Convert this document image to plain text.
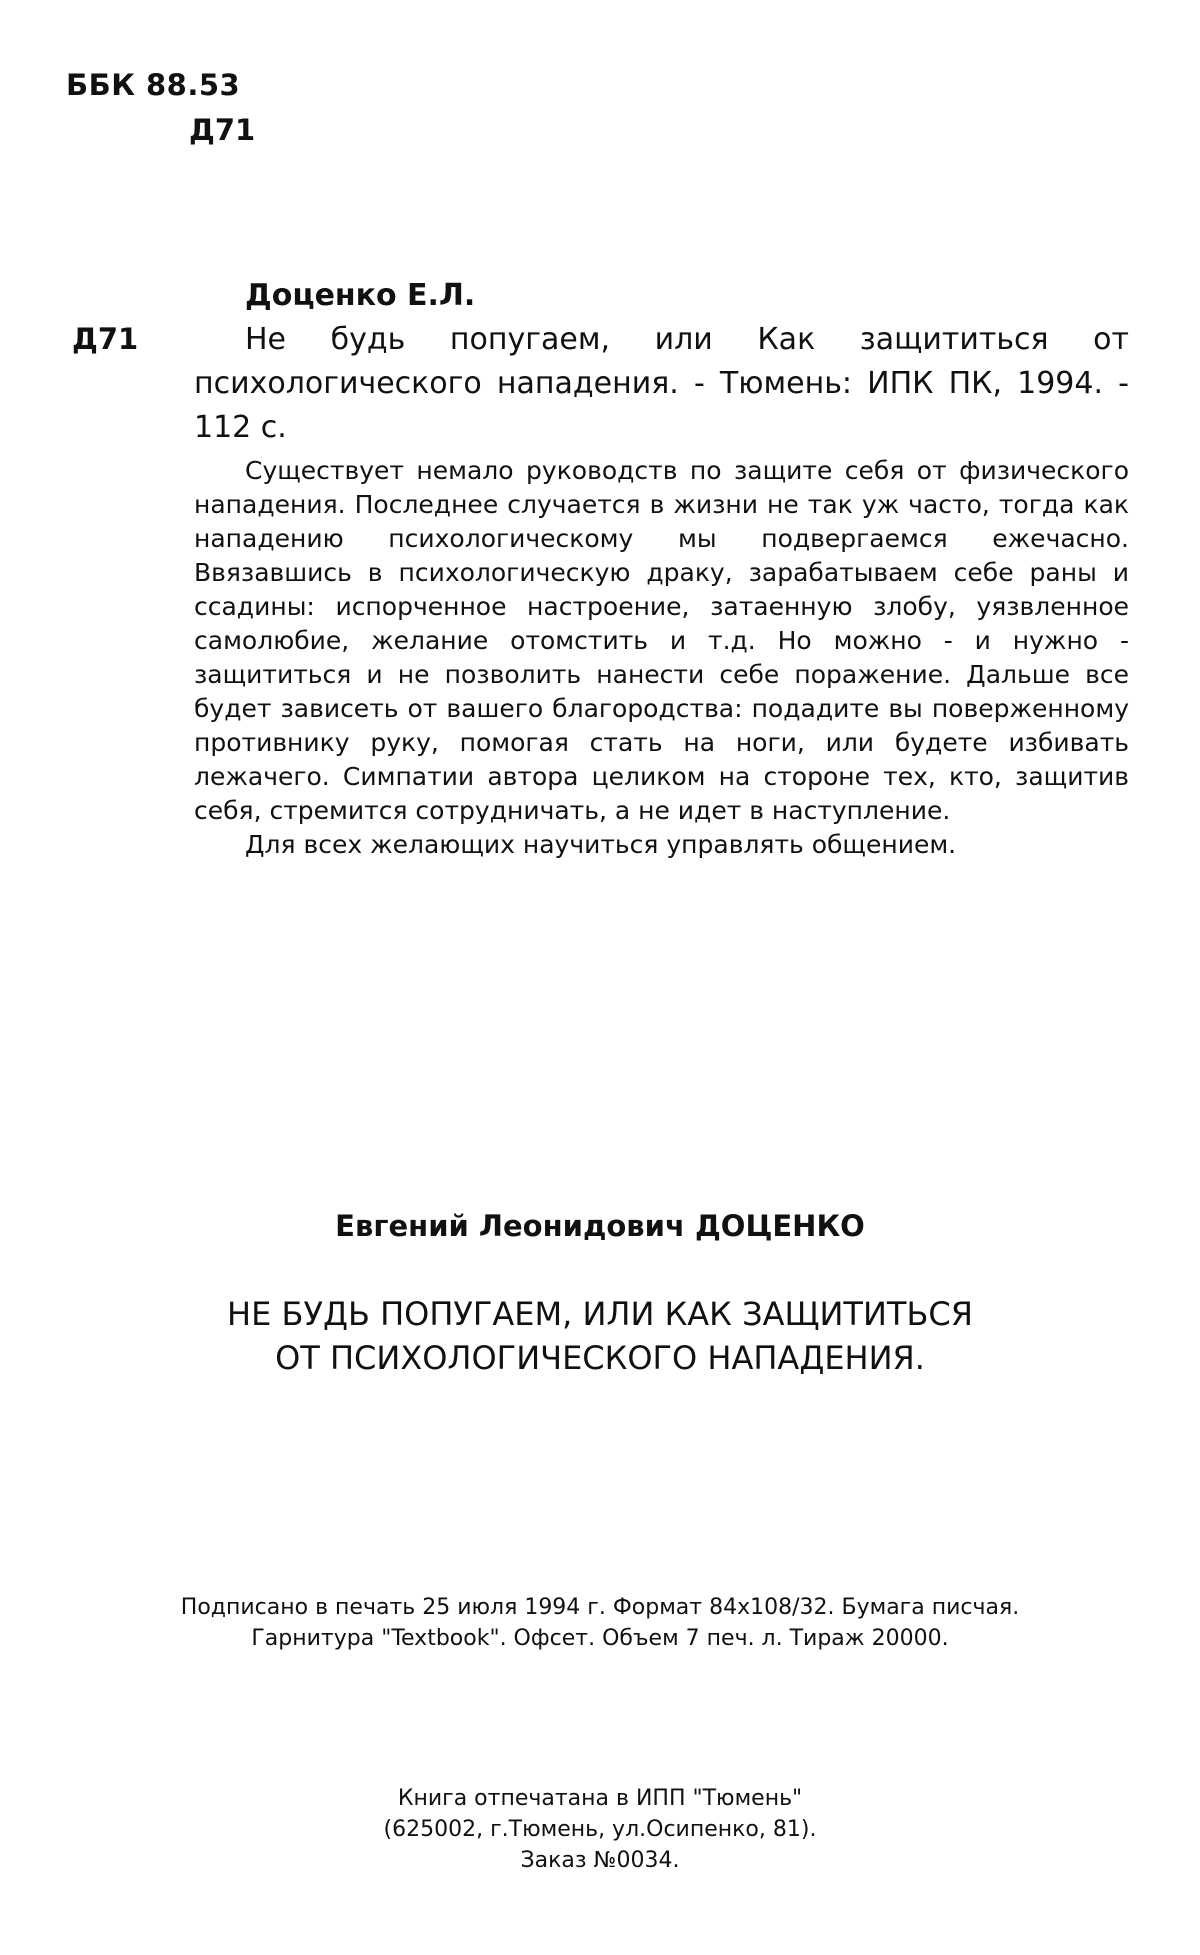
ББК 88.53
Д71
Доценко Е.Л.
Д71	Не будь попугаем, или Как защититься от психологического нападения. - Тюмень: ИПК ПК, 1994. - 112 с.

Существует немало руководств по защите себя от физического нападения. Последнее случается в жизни не так уж часто, тогда как нападению психологическому мы подвергаемся ежечасно. Ввязавшись в психологическую драку, зарабатываем себе раны и ссадины: испорченное настроение, затаенную злобу, уязвленное самолюбие, желание отомстить и т.д. Но можно - и нужно - защититься и не позволить нанести себе поражение. Дальше все будет зависеть от вашего благородства: подадите вы поверженному противнику руку, помогая стать на ноги, или будете избивать лежачего. Симпатии автора целиком на стороне тех, кто, защитив себя, стремится сотрудничать, а не идет в наступление.

Для всех желающих научиться управлять общением.

Евгений Леонидович ДОЦЕНКО
НЕ БУДЬ ПОПУГАЕМ, ИЛИ КАК ЗАЩИТИТЬСЯ
ОТ ПСИХОЛОГИЧЕСКОГО НАПАДЕНИЯ.
Подписано в печать 25 июля 1994 г. Формат 84х108/32. Бумага писчая.
Гарнитура "Textbook". Офсет. Объем 7 печ. л. Тираж 20000.
Книга отпечатана в ИПП "Тюмень"
(625002, г.Тюмень, ул.Осипенко, 81).
Заказ №0034.
